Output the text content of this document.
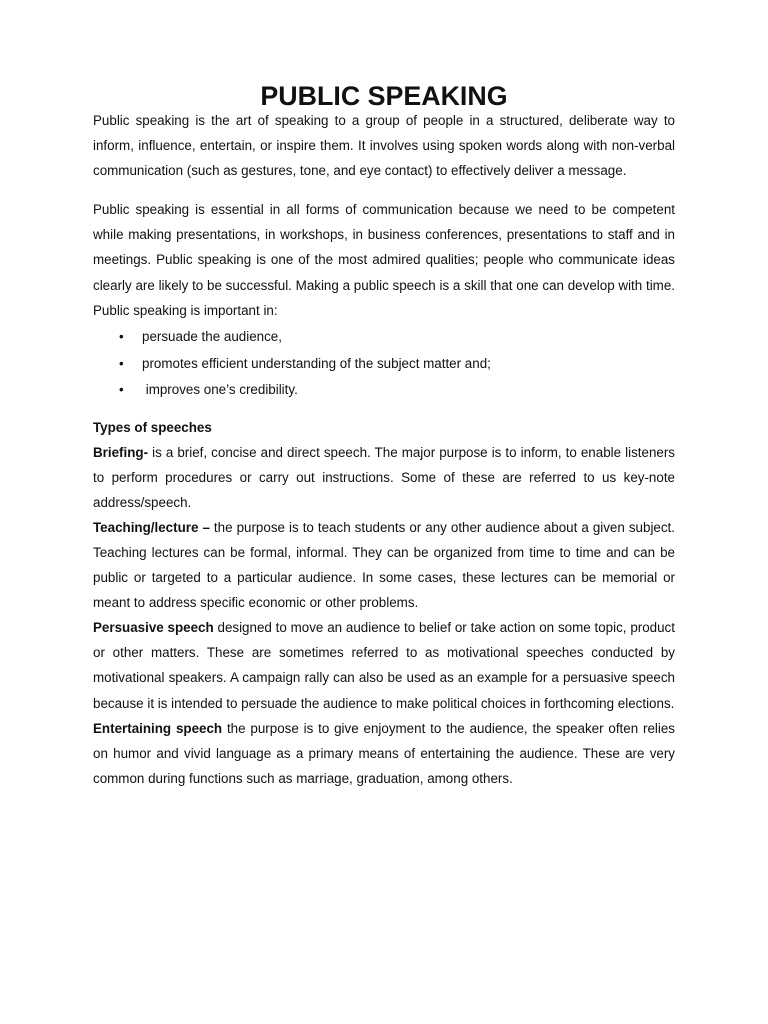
PUBLIC SPEAKING

Public speaking is the art of speaking to a group of people in a structured, deliberate way to inform, influence, entertain, or inspire them. It involves using spoken words along with non-verbal communication (such as gestures, tone, and eye contact) to effectively deliver a message.

Public speaking is essential in all forms of communication because we need to be competent while making presentations, in workshops, in business conferences, presentations to staff and in meetings. Public speaking is one of the most admired qualities; people who communicate ideas clearly are likely to be successful. Making a public speech is a skill that one can develop with time. Public speaking is important in:

• persuade the audience,
• promotes efficient understanding of the subject matter and;
• improves one’s credibility.
Types of speeches

Briefing- is a brief, concise and direct speech. The major purpose is to inform, to enable listeners to perform procedures or carry out instructions. Some of these are referred to us key-note address/speech.

Teaching/lecture – the purpose is to teach students or any other audience about a given subject. Teaching lectures can be formal, informal. They can be organized from time to time and can be public or targeted to a particular audience. In some cases, these lectures can be memorial or meant to address specific economic or other problems.

Persuasive speech designed to move an audience to belief or take action on some topic, product or other matters. These are sometimes referred to as motivational speeches conducted by motivational speakers. A campaign rally can also be used as an example for a persuasive speech because it is intended to persuade the audience to make political choices in forthcoming elections.

Entertaining speech the purpose is to give enjoyment to the audience, the speaker often relies on humor and vivid language as a primary means of entertaining the audience. These are very common during functions such as marriage, graduation, among others.
